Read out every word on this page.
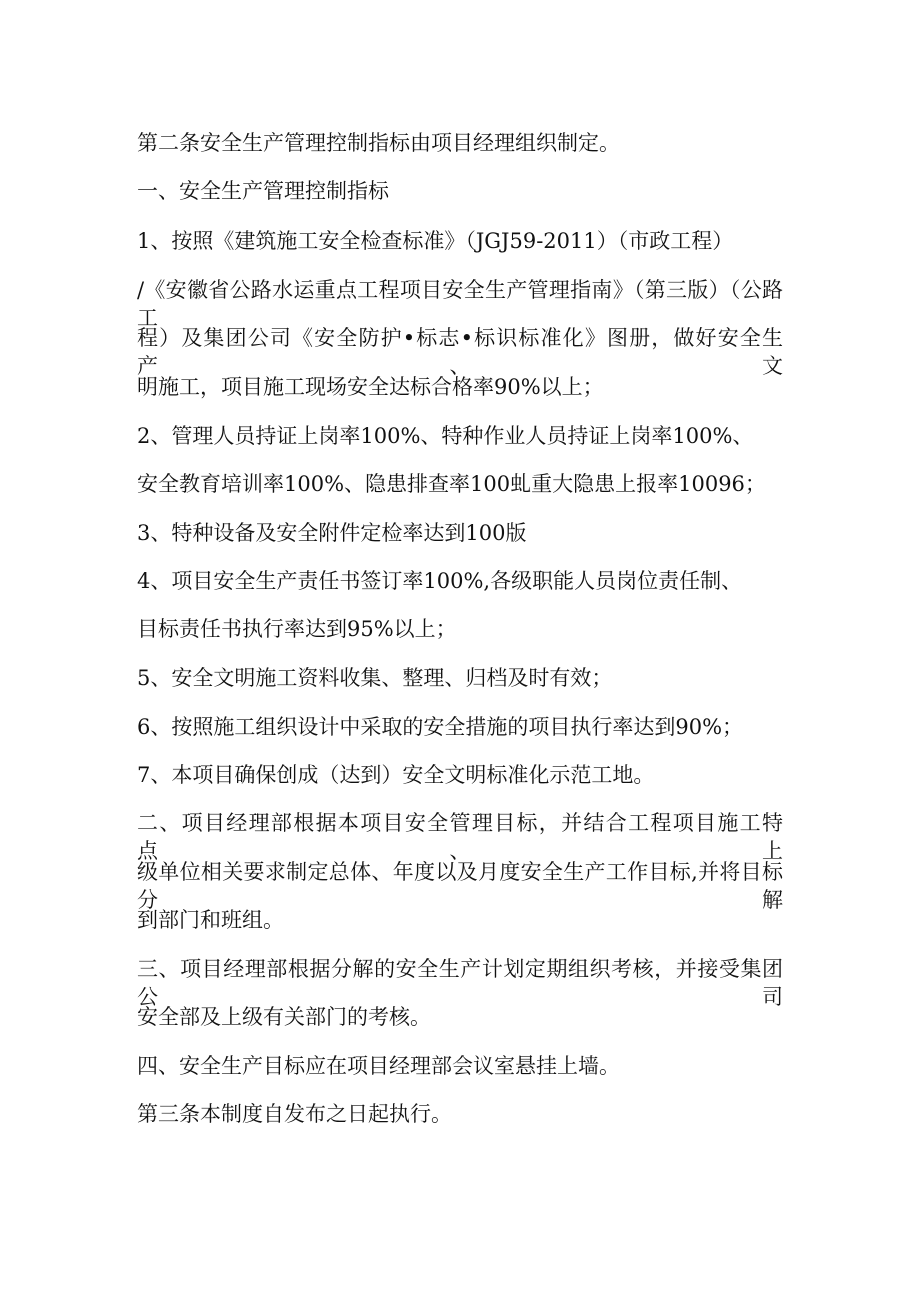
第二条安全生产管理控制指标由项目经理组织制定。

一、安全生产管理控制指标

1、按照《建筑施工安全检查标准》（JGJ59-2011）（市政工程）

/《安徽省公路水运重点工程项目安全生产管理指南》（第三版）（公路工

程）及集团公司《安全防护•标志•标识标准化》图册，做好安全生产、文

明施工，项目施工现场安全达标合格率90%以上；

2、管理人员持证上岗率100%、特种作业人员持证上岗率100%、

安全教育培训率100%、隐患排查率100虬重大隐患上报率10096；

3、特种设备及安全附件定检率达到100版

4、项目安全生产责任书签订率100%,各级职能人员岗位责任制、

目标责任书执行率达到95%以上；

5、安全文明施工资料收集、整理、归档及时有效；

6、按照施工组织设计中采取的安全措施的项目执行率达到90%；

7、本项目确保创成（达到）安全文明标准化示范工地。

二、项目经理部根据本项目安全管理目标，并结合工程项目施工特点、上

级单位相关要求制定总体、年度以及月度安全生产工作目标,并将目标分解

到部门和班组。

三、项目经理部根据分解的安全生产计划定期组织考核，并接受集团公司

安全部及上级有关部门的考核。

四、安全生产目标应在项目经理部会议室悬挂上墙。

第三条本制度自发布之日起执行。
